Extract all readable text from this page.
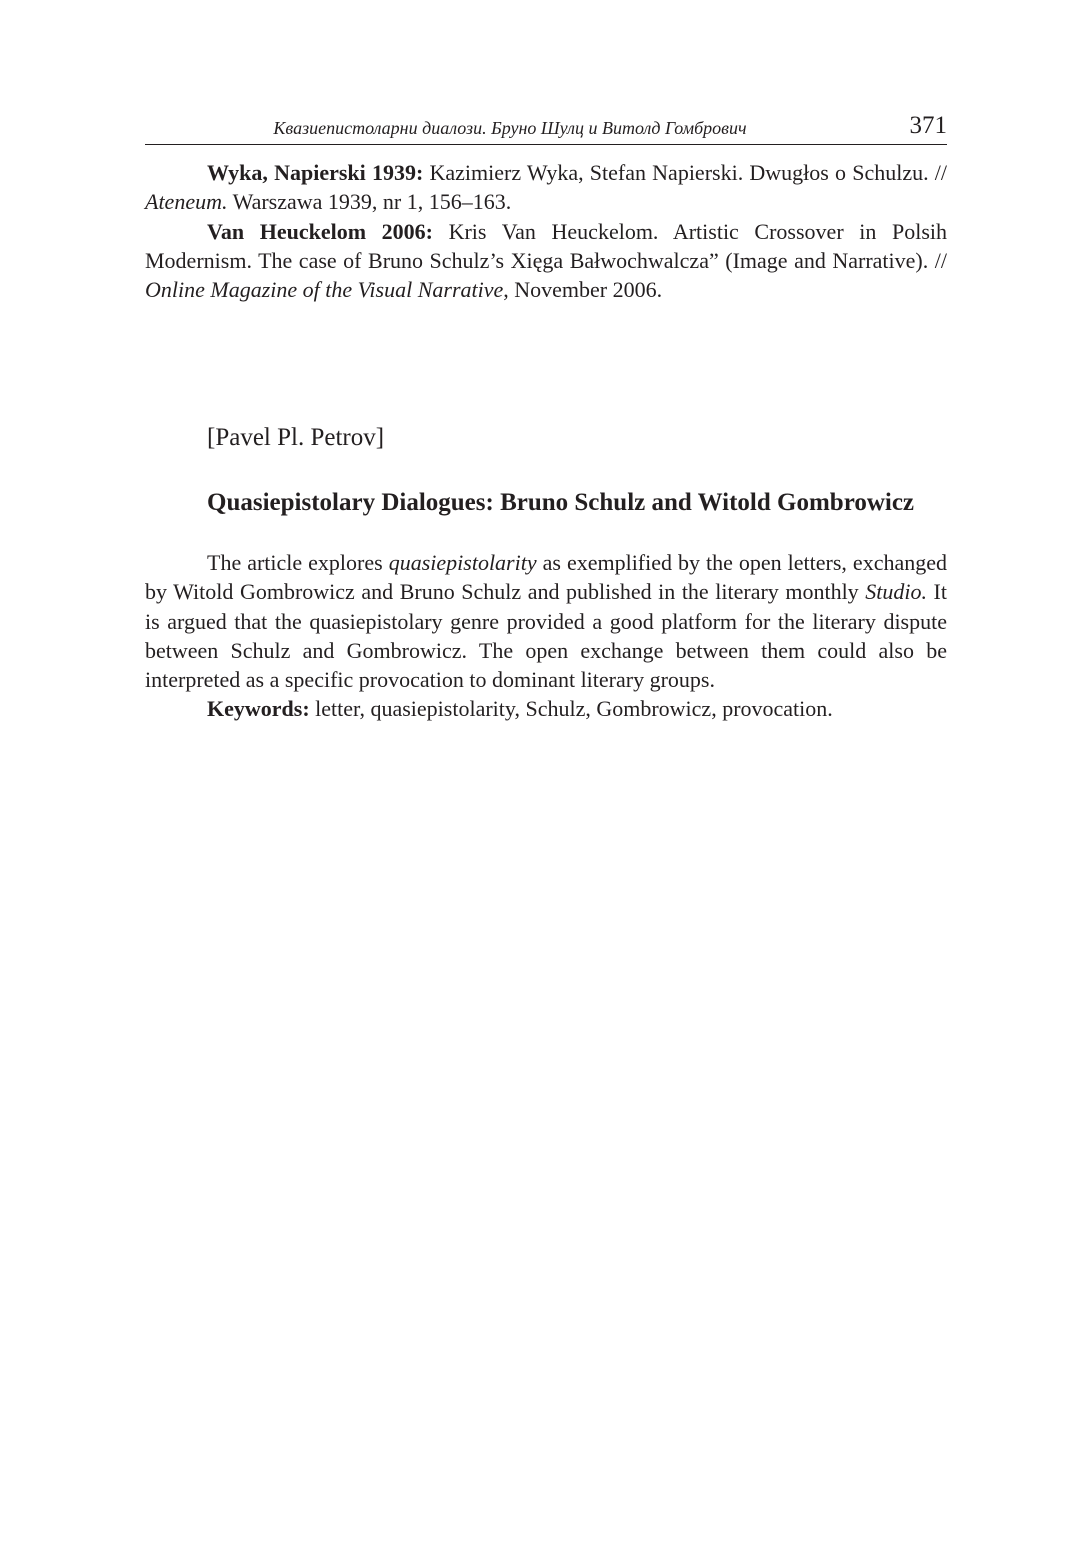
Квазиепистоларни диалози. Бруно Шулц и Витолд Гомбрович	371

Wyka, Napierski 1939: Kazimierz Wyka, Stefan Napierski. Dwugłos o Schulzu. // Ateneum. Warszawa 1939, nr 1, 156–163.

Van Heuckelom 2006: Kris Van Heuckelom. Artistic Crossover in Polsih Modernism. The case of Bruno Schulz’s Xięga Bałwochwalcza” (Image and Narrative). // Online Magazine of the Visual Narrative, November 2006.

[Pavel Pl. Petrov]
Quasiepistolary Dialogues: Bruno Schulz and Witold Gombrowicz

The article explores quasiepistolarity as exemplified by the open letters, exchanged by Witold Gombrowicz and Bruno Schulz and published in the literary monthly Studio. It is argued that the quasiepistolary genre provided a good platform for the literary dispute between Schulz and Gombrowicz. The open exchange between them could also be interpreted as a specific provocation to dominant literary groups.

Keywords: letter, quasiepistolarity, Schulz, Gombrowicz, provocation.
